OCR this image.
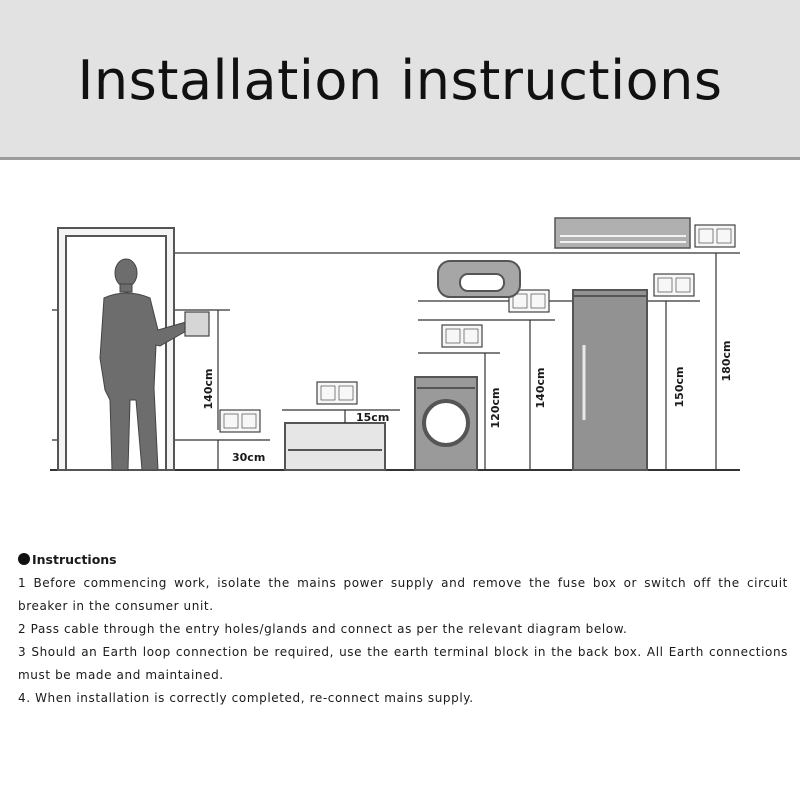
Installation instructions
30cm
15cm
140cm	120cm	140cm	150cm
180cm
Instructions
1 Before commencing work, isolate the mains power supply and remove the fuse box or switch off the circuit breaker in the consumer unit.
2 Pass cable through the entry holes/glands and connect as per the relevant diagram below.
3 Should an Earth loop connection be required, use the earth terminal block in the back box. All Earth connections must be made and maintained.
4. When installation is correctly completed, re-connect mains supply.
